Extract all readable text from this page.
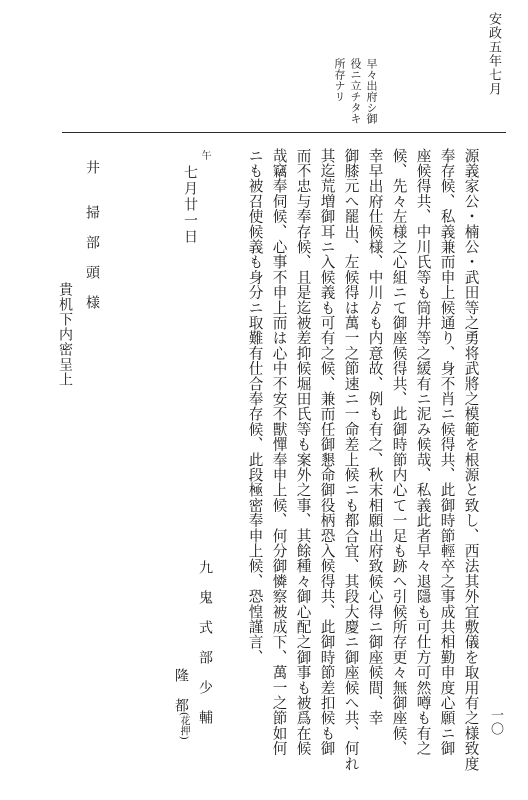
早々出府シ御
役ニ立チタキ
所存ナリ	安政五年七月
一〇
源義家公・楠公・武田等之勇将武將之模範を根源と致し、西法其外宜敷儀を取用有之様致度
奉存候、私義兼而申上候通り、身不肖ニ候得共、此御時節輕卒之事成共相勤申度心願ニ御
座候得共、中川氏等も筒井等之緩有ニ泥み候哉、私義此者早々退隱も可仕方可然噂も有之
候、先々左様之心組ニて御座候得共、此御時節内心て一足も跡へ引候所存更々無御座候、
幸早出府仕候様、中川ゟも内意故、例も有之、秋末相願出府致候心得ニ御座候間、幸
御膝元へ罷出、左候得は萬一之節速ニ一命差上候ニも都合宜、其段大慶ニ御座候へ共、何れ
其迄荒増御耳ニ入候義も可有之候、兼而任御懇命御役柄恐入候得共、此御時節差扣候も御
而不忠与奉存候、且是迄被差抑候堀田氏等も案外之事、其餘種々御心配之御事も被爲在候
哉竊奉伺候、心事不申上而は心中不安不獸憚奉申上候、何分御憐察被成下、萬一之節如何
ニも被召使候義も身分ニ取難有仕合奉存候、此段極密奉申上候、恐惶謹言、
九　鬼　式　部　少　輔
隆　都
(花押)
午
七月廿一日
井
掃　部　頭　様
貴机下内密呈上
